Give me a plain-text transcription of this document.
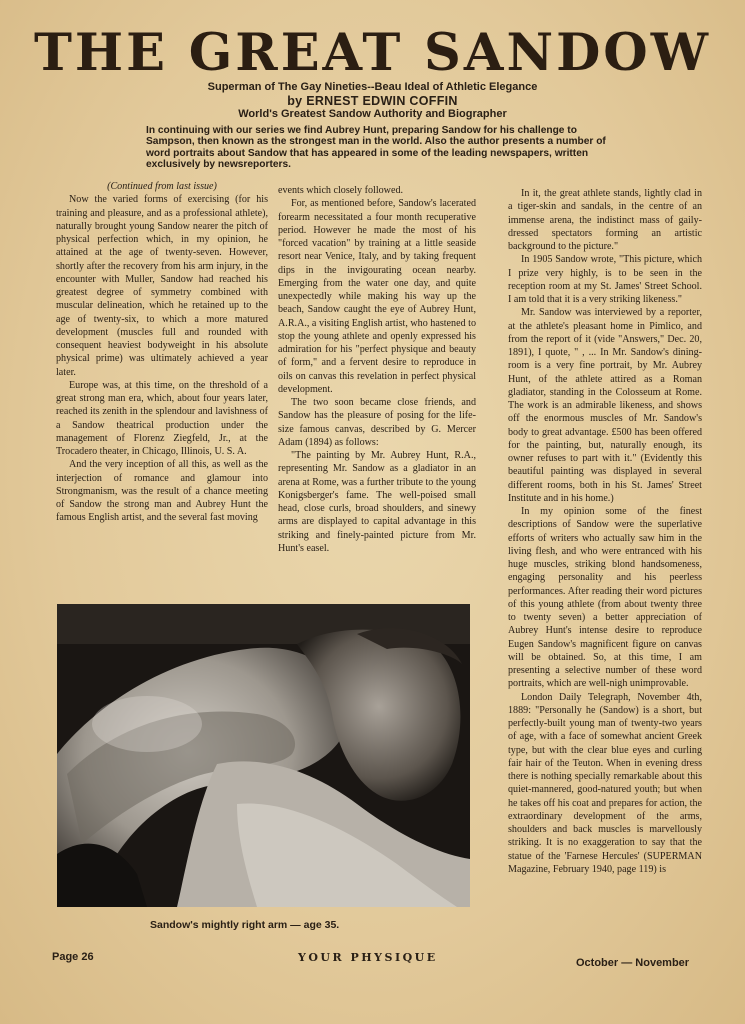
THE GREAT SANDOW
Superman of The Gay Nineties--Beau Ideal of Athletic Elegance
by ERNEST EDWIN COFFIN
World's Greatest Sandow Authority and Biographer

In continuing with our series we find Aubrey Hunt, preparing Sandow for his challenge to Sampson, then known as the strongest man in the world. Also the author presents a number of word portraits about Sandow that has appeared in some of the leading newspapers, written exclusively by newsreporters.

(Continued from last issue)

Now the varied forms of exercising (for his training and pleasure, and as a professional athlete), naturally brought young Sandow nearer the pitch of physical perfection which, in my opinion, he attained at the age of twenty-seven. However, shortly after the recovery from his arm injury, in the encounter with Muller, Sandow had reached his greatest degree of symmetry combined with muscular delineation, which he retained up to the age of twenty-six, to which a more matured development (muscles full and rounded with consequent heaviest bodyweight in his absolute physical prime) was ultimately achieved a year later.

Europe was, at this time, on the threshold of a great strong man era, which, about four years later, reached its zenith in the splendour and lavishness of a Sandow theatrical production under the management of Florenz Ziegfeld, Jr., at the Trocadero theater, in Chicago, Illinois, U. S. A.

And the very inception of all this, as well as the interjection of romance and glamour into Strongmanism, was the result of a chance meeting of Sandow the strong man and Aubrey Hunt the famous English artist, and the several fast moving

events which closely followed.

For, as mentioned before, Sandow's lacerated forearm necessitated a four month recuperative period. However he made the most of his "forced vacation" by training at a little seaside resort near Venice, Italy, and by taking frequent dips in the invigourating ocean nearby. Emerging from the water one day, and quite unexpectedly while making his way up the beach, Sandow caught the eye of Aubrey Hunt, A.R.A., a visiting English artist, who hastened to stop the young athlete and openly expressed his admiration for his "perfect physique and beauty of form," and a fervent desire to reproduce in oils on canvas this revelation in perfect physical development.

The two soon became close friends, and Sandow has the pleasure of posing for the life-size famous canvas, described by G. Mercer Adam (1894) as follows:

"The painting by Mr. Aubrey Hunt, R.A., representing Mr. Sandow as a gladiator in an arena at Rome, was a further tribute to the young Konigsberger's fame. The well-poised small head, close curls, broad shoulders, and sinewy arms are displayed to capital advantage in this striking and finely-painted picture from Mr. Hunt's easel.

In it, the great athlete stands, lightly clad in a tiger-skin and sandals, in the centre of an immense arena, the indistinct mass of gaily-dressed spectators forming an artistic background to the picture."

In 1905 Sandow wrote, "This picture, which I prize very highly, is to be seen in the reception room at my St. James' Street School. I am told that it is a very striking likeness."

Mr. Sandow was interviewed by a reporter, at the athlete's pleasant home in Pimlico, and from the report of it (vide "Answers," Dec. 20, 1891), I quote, " , ... In Mr. Sandow's dining-room is a very fine portrait, by Mr. Aubrey Hunt, of the athlete attired as a Roman gladiator, standing in the Colosseum at Rome. The work is an admirable likeness, and shows off the enormous muscles of Mr. Sandow's body to great advantage. £500 has been offered for the painting, but, naturally enough, its owner refuses to part with it." (Evidently this beautiful painting was displayed in several different rooms, both in his St. James' Street Institute and in his home.)

In my opinion some of the finest descriptions of Sandow were the superlative efforts of writers who actually saw him in the living flesh, and who were entranced with his huge muscles, striking blond handsomeness, engaging personality and his peerless performances. After reading their word pictures of this young athlete (from about twenty three to twenty seven) a better appreciation of Aubrey Hunt's intense desire to reproduce Eugen Sandow's magnificent figure on canvas will be obtained. So, at this time, I am presenting a selective number of these word portraits, which are well-nigh unimprovable.

London Daily Telegraph, November 4th, 1889: "Personally he (Sandow) is a short, but perfectly-built young man of twenty-two years of age, with a face of somewhat ancient Greek type, but with the clear blue eyes and curling fair hair of the Teuton. When in evening dress there is nothing specially remarkable about this quiet-mannered, good-natured youth; but when he takes off his coat and prepares for action, the extraordinary development of the arms, shoulders and back muscles is marvellously striking. It is no exaggeration to say that the statue of the 'Farnese Hercules' (SUPERMAN Magazine, February 1940, page 119) is

Sandow's mightly right arm — age 35.
Page 26	YOUR PHYSIQUE	October — November
